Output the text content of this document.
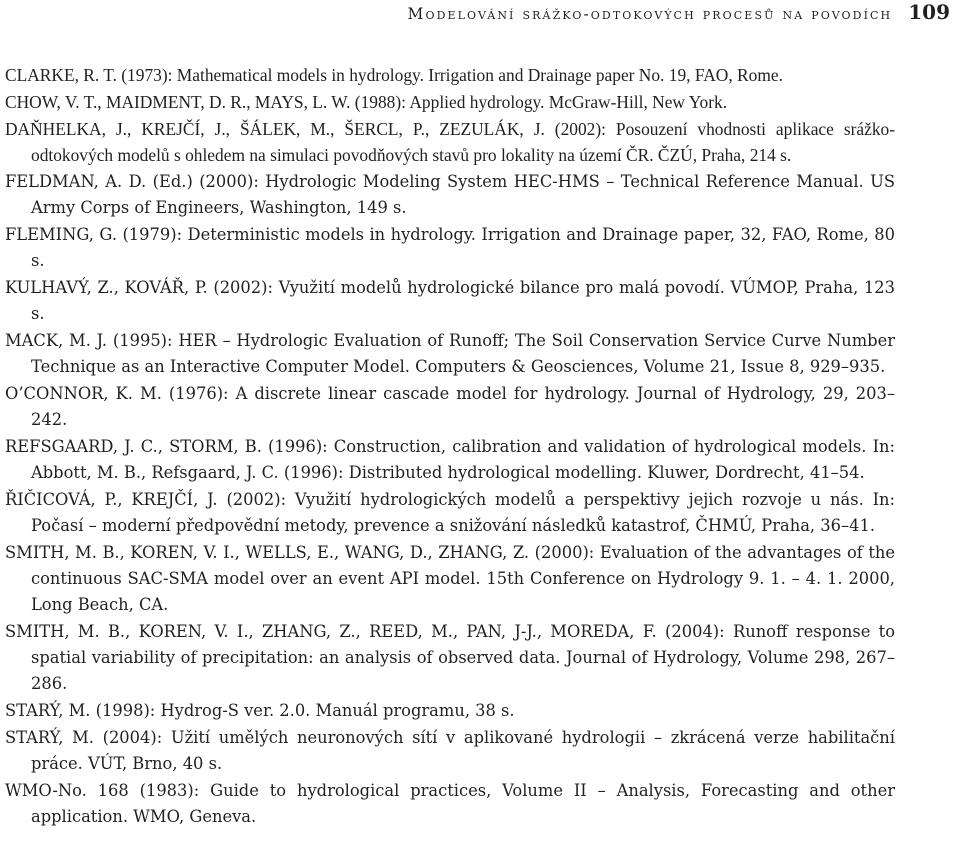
Modelování srážko-odtokových procesů na povodích 109
CLARKE, R. T. (1973): Mathematical models in hydrology. Irrigation and Drainage paper No. 19, FAO, Rome.
CHOW, V. T., MAIDMENT, D. R., MAYS, L. W. (1988): Applied hydrology. McGraw-Hill, New York.
DAŇHELKA, J., KREJČÍ, J., ŠÁLEK, M., ŠERCL, P., ZEZULÁK, J. (2002): Posouzení vhodnosti aplikace srážko-odtokových modelů s ohledem na simulaci povodňových stavů pro lokality na území ČR. ČZÚ, Praha, 214 s.
FELDMAN, A. D. (Ed.) (2000): Hydrologic Modeling System HEC-HMS – Technical Reference Manual. US Army Corps of Engineers, Washington, 149 s.
FLEMING, G. (1979): Deterministic models in hydrology. Irrigation and Drainage paper, 32, FAO, Rome, 80 s.
KULHAVÝ, Z., KOVÁŘ, P. (2002): Využití modelů hydrologické bilance pro malá povodí. VÚMOP, Praha, 123 s.
MACK, M. J. (1995): HER – Hydrologic Evaluation of Runoff; The Soil Conservation Service Curve Number Technique as an Interactive Computer Model. Computers & Geosciences, Volume 21, Issue 8, 929–935.
O’CONNOR, K. M. (1976): A discrete linear cascade model for hydrology. Journal of Hydrology, 29, 203–242.
REFSGAARD, J. C., STORM, B. (1996): Construction, calibration and validation of hydrological models. In: Abbott, M. B., Refsgaard, J. C. (1996): Distributed hydrological modelling. Kluwer, Dordrecht, 41–54.
ŘIČICOVÁ, P., KREJČÍ, J. (2002): Využití hydrologických modelů a perspektivy jejich rozvoje u nás. In: Počasí – moderní předpovědní metody, prevence a snižování následků katastrof, ČHMÚ, Praha, 36–41.
SMITH, M. B., KOREN, V. I., WELLS, E., WANG, D., ZHANG, Z. (2000): Evaluation of the advantages of the continuous SAC-SMA model over an event API model. 15th Conference on Hydrology 9. 1. – 4. 1. 2000, Long Beach, CA.
SMITH, M. B., KOREN, V. I., ZHANG, Z., REED, M., PAN, J-J., MOREDA, F. (2004): Runoff response to spatial variability of precipitation: an analysis of observed data. Journal of Hydrology, Volume 298, 267–286.
STARÝ, M. (1998): Hydrog-S ver. 2.0. Manuál programu, 38 s.
STARÝ, M. (2004): Užití umělých neuronových sítí v aplikované hydrologii – zkrácená verze habilitační práce. VÚT, Brno, 40 s.
WMO-No. 168 (1983): Guide to hydrological practices, Volume II – Analysis, Forecasting and other application. WMO, Geneva.
